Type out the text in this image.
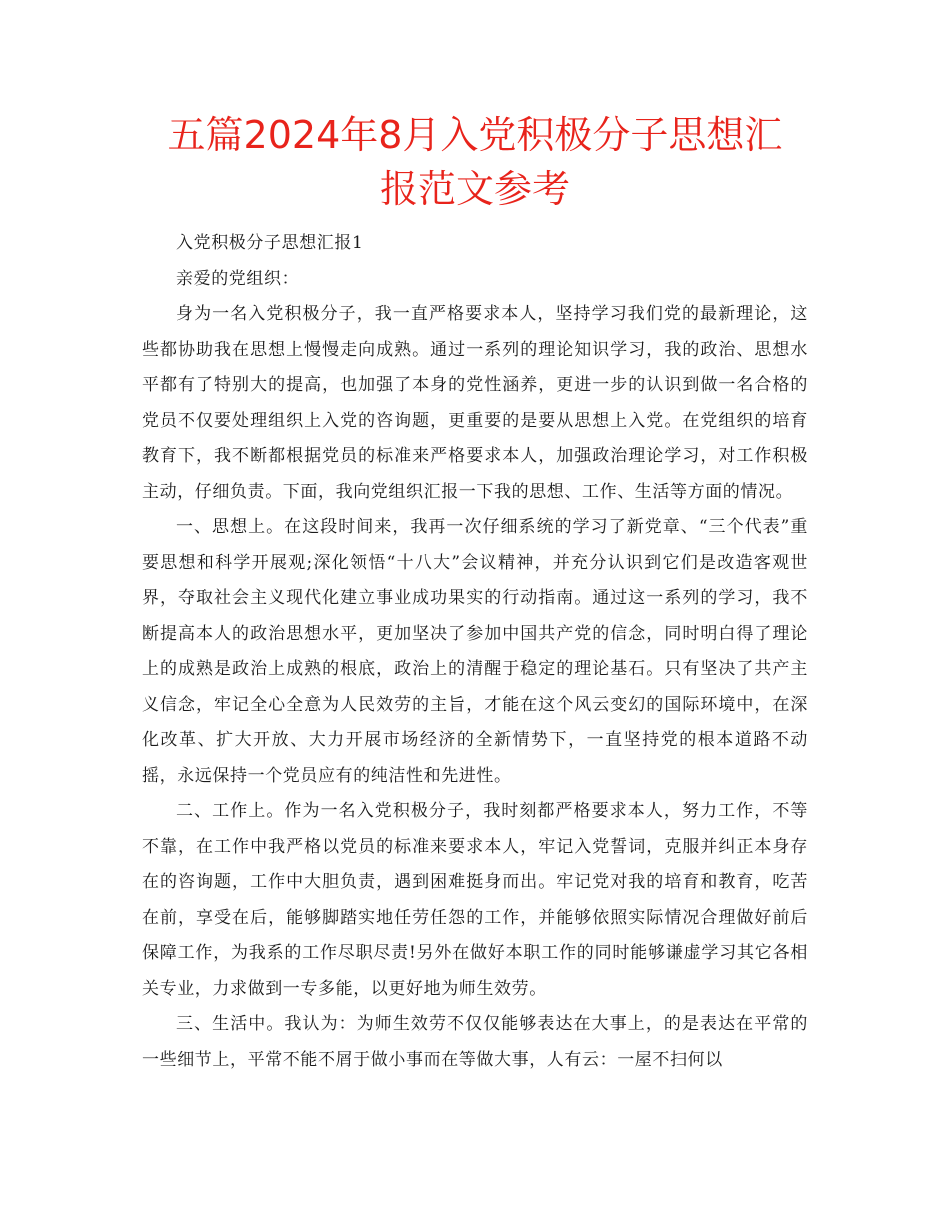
五篇2024年8月入党积极分子思想汇报范文参考

入党积极分子思想汇报1

亲爱的党组织：

身为一名入党积极分子，我一直严格要求本人，坚持学习我们党的最新理论，这些都协助我在思想上慢慢走向成熟。通过一系列的理论知识学习，我的政治、思想水平都有了特别大的提高，也加强了本身的党性涵养，更进一步的认识到做一名合格的党员不仅要处理组织上入党的咨询题，更重要的是要从思想上入党。在党组织的培育教育下，我不断都根据党员的标准来严格要求本人，加强政治理论学习，对工作积极主动，仔细负责。下面，我向党组织汇报一下我的思想、工作、生活等方面的情况。

一、思想上。在这段时间来，我再一次仔细系统的学习了新党章、“三个代表”重要思想和科学开展观;深化领悟“十八大”会议精神，并充分认识到它们是改造客观世界，夺取社会主义现代化建立事业成功果实的行动指南。通过这一系列的学习，我不断提高本人的政治思想水平，更加坚决了参加中国共产党的信念，同时明白得了理论上的成熟是政治上成熟的根底，政治上的清醒于稳定的理论基石。只有坚决了共产主义信念，牢记全心全意为人民效劳的主旨，才能在这个风云变幻的国际环境中，在深化改革、扩大开放、大力开展市场经济的全新情势下，一直坚持党的根本道路不动摇，永远保持一个党员应有的纯洁性和先进性。

二、工作上。作为一名入党积极分子，我时刻都严格要求本人，努力工作，不等不靠，在工作中我严格以党员的标准来要求本人，牢记入党誓词，克服并纠正本身存在的咨询题，工作中大胆负责，遇到困难挺身而出。牢记党对我的培育和教育，吃苦在前，享受在后，能够脚踏实地任劳任怨的工作，并能够依照实际情况合理做好前后保障工作，为我系的工作尽职尽责!另外在做好本职工作的同时能够谦虚学习其它各相关专业，力求做到一专多能，以更好地为师生效劳。

三、生活中。我认为：为师生效劳不仅仅能够表达在大事上，的是表达在平常的一些细节上，平常不能不屑于做小事而在等做大事，人有云：一屋不扫何以
